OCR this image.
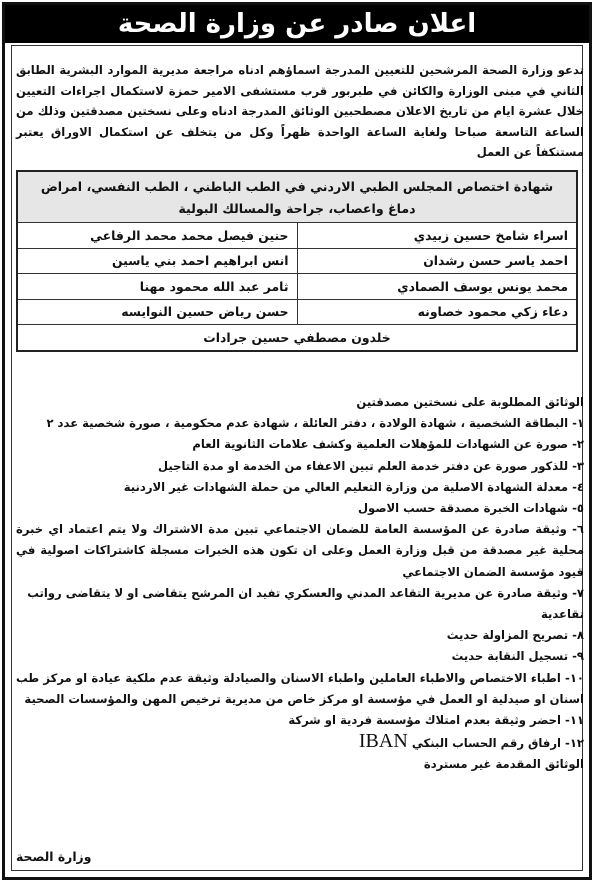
اعلان صادر عن وزارة الصحة

تدعو وزارة الصحة المرشحين للتعيين المدرجة اسماؤهم ادناه مراجعة مديرية الموارد البشرية الطابق الثاني في مبنى الوزارة والكائن في طبربور قرب مستشفى الامير حمزة لاستكمال اجراءات التعيين خلال عشرة ايام من تاريخ الاعلان مصطحبين الوثائق المدرجة ادناه وعلى نسختين مصدقتين وذلك من الساعة التاسعة صباحا ولغاية الساعة الواحدة ظهراً وكل من يتخلف عن استكمال الاوراق يعتبر مستنكفاً عن العمل

شهادة اختصاص المجلس الطبي الاردني في الطب الباطني ، الطب النفسي، امراض دماغ واعصاب، جراحة والمسالك البولية	
اسراء شامخ حسين زبيدي	حنين فيصل محمد محمد الرفاعي
احمد ياسر حسن رشدان	انس ابراهيم احمد بني ياسين
محمد يونس يوسف الصمادي	ثامر عبد الله محمود مهنا
دعاء زكي محمود خصاونه	حسن رياض حسين النوايسه
خلدون مصطفي حسين جرادات	

الوثائق المطلوبة على نسختين مصدقتين

١- البطاقة الشخصية ، شهادة الولادة ، دفتر العائلة ، شهادة عدم محكومية ، صورة شخصية عدد ٢

٢- صورة عن الشهادات للمؤهلات العلمية وكشف علامات الثانوية العام

٣- للذكور صورة عن دفتر خدمة العلم تبين الاعفاء من الخدمة او مدة التاجيل

٤- معدلة الشهادة الاصلية من وزارة التعليم العالي من حملة الشهادات غير الاردنية

٥- شهادات الخبرة مصدقة حسب الاصول

٦- وثيقة صادرة عن المؤسسة العامة للضمان الاجتماعي تبين مدة الاشتراك ولا يتم اعتماد اي خبرة محلية غير مصدقة من قبل وزارة العمل وعلى ان تكون هذه الخبرات مسجلة كاشتراكات اصولية في قيود مؤسسة الضمان الاجتماعي

٧- وثيقة صادرة عن مديرية التقاعد المدني والعسكري تفيد ان المرشح يتقاضى او لا يتقاضى رواتب تقاعدية

٨- تصريح المزاولة حديث

٩- تسجيل النقابة حديث

١٠- اطباء الاختصاص والاطباء العاملين واطباء الاسنان والصيادلة وثيقة عدم ملكية عيادة او مركز طب اسنان او صيدلية او العمل في مؤسسة او مركز خاص من مديرية ترخيص المهن والمؤسسات الصحية

١١- احضر وثيقة بعدم امتلاك مؤسسة فردية او شركة

١٢- ارفاق رقم الحساب البنكي IBAN

الوثائق المقدمة غير مستردة

وزارة الصحة
